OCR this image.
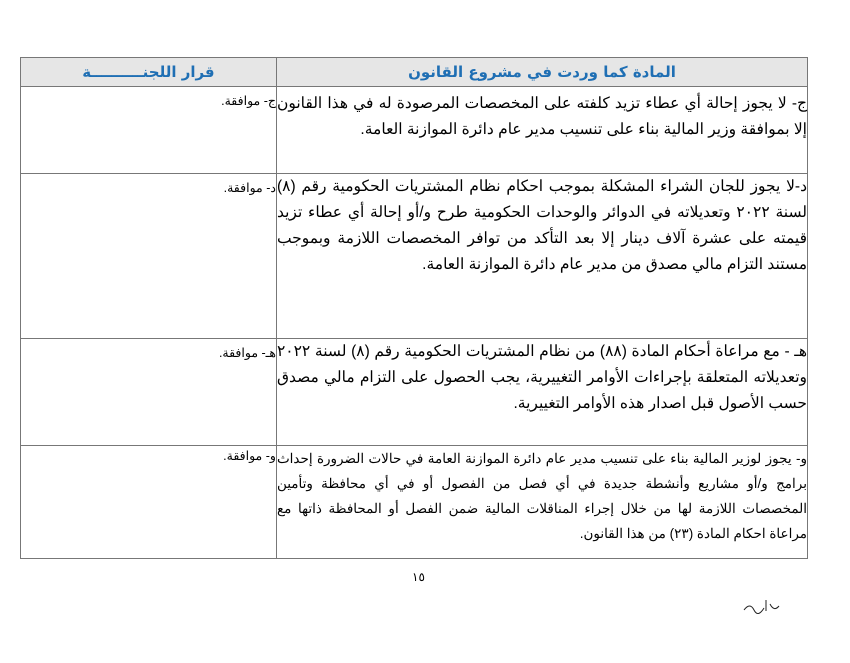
المادة كما وردت في مشروع القانون	قرار اللجنــــــــــة

ج- لا يجوز إحالة أي عطاء تزيد كلفته على المخصصات المرصودة له في هذا القانون إلا بموافقة وزير المالية بناء على تنسيب مدير عام دائرة الموازنة العامة.	ج- موافقة.

د-لا يجوز للجان الشراء المشكلة بموجب احكام نظام المشتريات الحكومية رقم (٨) لسنة ٢٠٢٢ وتعديلاته في الدوائر والوحدات الحكومية طرح و/أو إحالة أي عطاء تزيد قيمته على عشرة آلاف دينار إلا بعد التأكد من توافر المخصصات اللازمة وبموجب مستند التزام مالي مصدق من مدير عام دائرة الموازنة العامة.	د- موافقة.

هـ - مع مراعاة أحكام المادة (٨٨) من نظام المشتريات الحكومية رقم (٨) لسنة ٢٠٢٢ وتعديلاته المتعلقة بإجراءات الأوامر التغييرية، يجب الحصول على التزام مالي مصدق حسب الأصول قبل اصدار هذه الأوامر التغييرية.	هـ- موافقة.

و- يجوز لوزير المالية بناء على تنسيب مدير عام دائرة الموازنة العامة في حالات الضرورة إحداث برامج و/أو مشاريع وأنشطة جديدة في أي فصل من الفصول أو في أي محافظة وتأمين المخصصات اللازمة لها من خلال إجراء المناقلات المالية ضمن الفصل أو المحافظة ذاتها مع مراعاة احكام المادة (٢٣) من هذا القانون.	و- موافقة.
١٥
